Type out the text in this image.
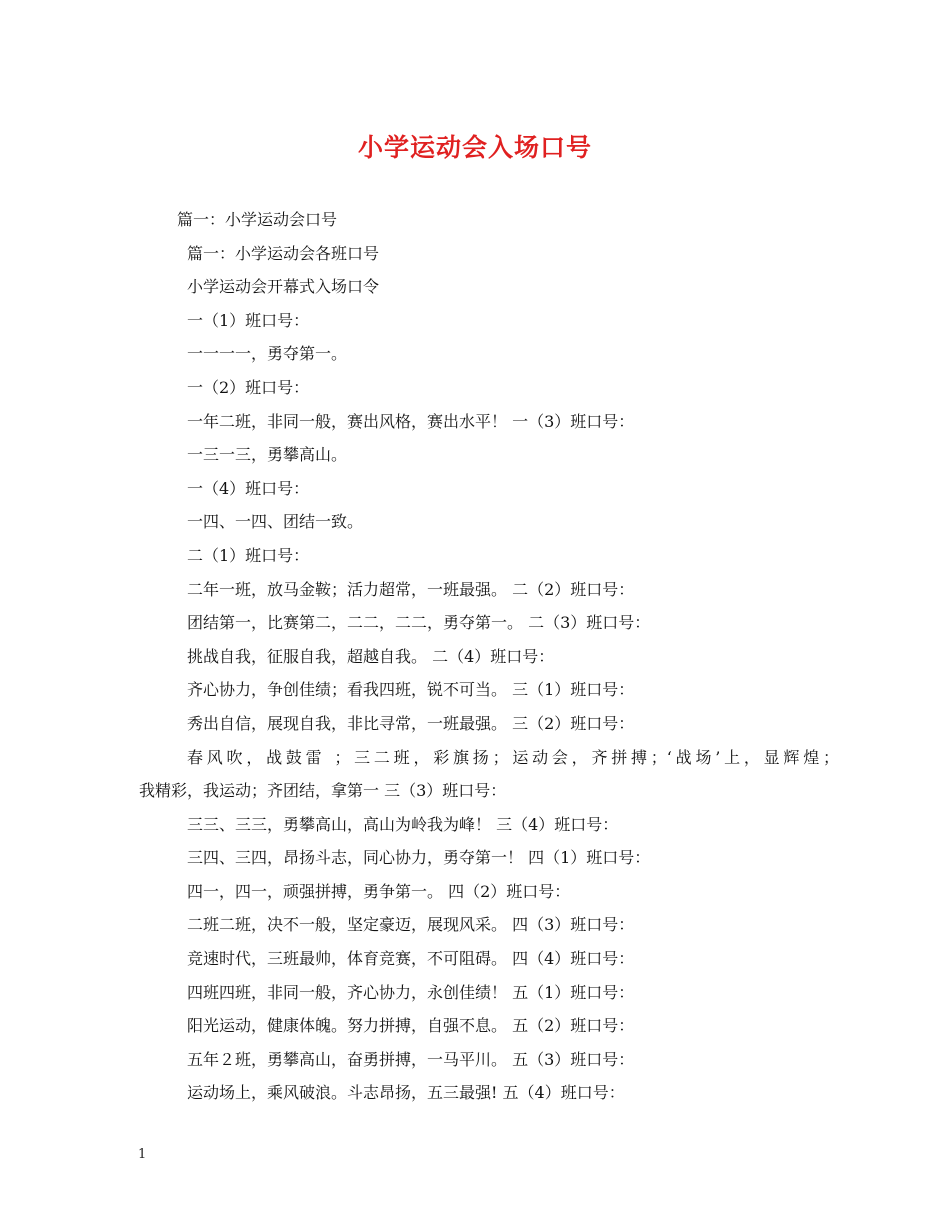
小学运动会入场口号
篇一：小学运动会口号
篇一：小学运动会各班口号
小学运动会开幕式入场口令
一（1）班口号：
一一一一，勇夺第一。
一（2）班口号：
一年二班，非同一般，赛出风格，赛出水平！ 一（3）班口号：
一三一三，勇攀高山。
一（4）班口号：
一四、一四、团结一致。
二（1）班口号：
二年一班，放马金鞍；活力超常，一班最强。 二（2）班口号：
团结第一，比赛第二，二二，二二，勇夺第一。 二（3）班口号：
挑战自我，征服自我，超越自我。 二（4）班口号：
齐心协力，争创佳绩；看我四班，锐不可当。 三（1）班口号：
秀出自信，展现自我，非比寻常，一班最强。 三（2）班口号：
春风吹，战鼓雷 ；三二班，彩旗扬；运动会，齐拼搏；‘战场’上，显辉煌；
我精彩，我运动；齐团结，拿第一 三（3）班口号：
三三、三三，勇攀高山，高山为岭我为峰！ 三（4）班口号：
三四、三四，昂扬斗志，同心协力，勇夺第一！ 四（1）班口号：
四一，四一，顽强拼搏，勇争第一。 四（2）班口号：
二班二班，决不一般，坚定豪迈，展现风采。 四（3）班口号：
竞速时代，三班最帅，体育竞赛，不可阻碍。 四（4）班口号：
四班四班，非同一般，齐心协力，永创佳绩！ 五（1）班口号：
阳光运动，健康体魄。努力拼搏，自强不息。 五（2）班口号：
五年２班，勇攀高山，奋勇拼搏，一马平川。 五（3）班口号：
运动场上，乘风破浪。斗志昂扬，五三最强! 五（4）班口号：
1
